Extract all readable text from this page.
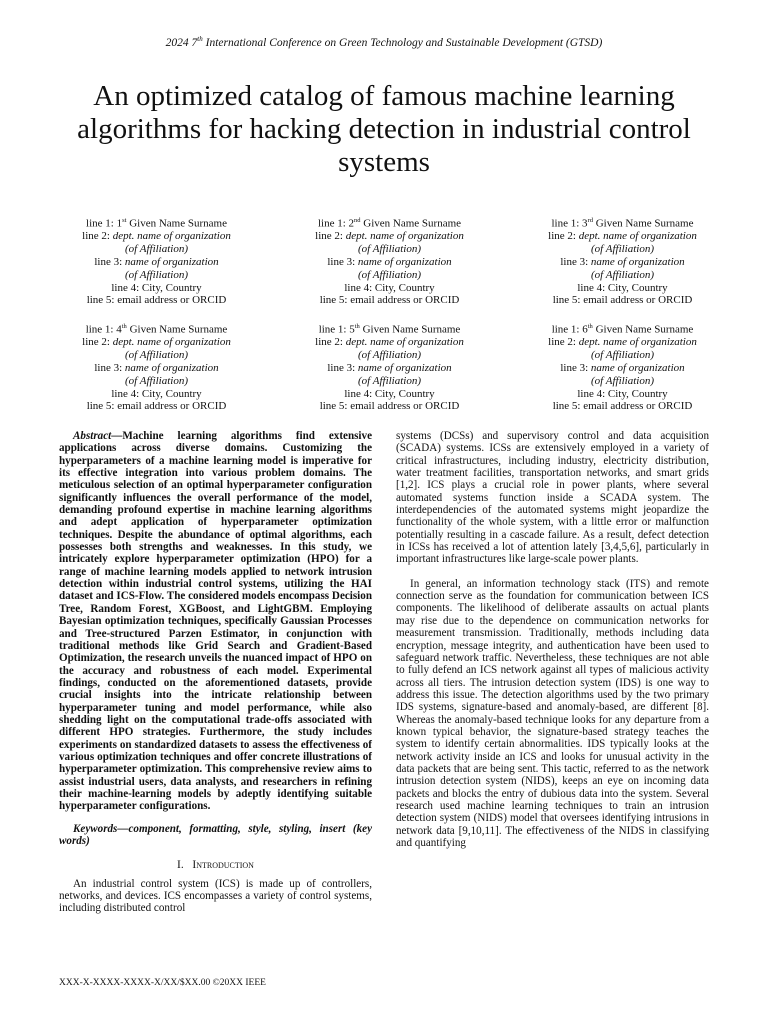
2024 7th International Conference on Green Technology and Sustainable Development (GTSD)
An optimized catalog of famous machine learning algorithms for hacking detection in industrial control systems
line 1: 1st Given Name Surname
line 2: dept. name of organization
(of Affiliation)
line 3: name of organization
(of Affiliation)
line 4: City, Country
line 5: email address or ORCID
line 1: 2nd Given Name Surname
line 2: dept. name of organization
(of Affiliation)
line 3: name of organization
(of Affiliation)
line 4: City, Country
line 5: email address or ORCID
line 1: 3rd Given Name Surname
line 2: dept. name of organization
(of Affiliation)
line 3: name of organization
(of Affiliation)
line 4: City, Country
line 5: email address or ORCID
line 1: 4th Given Name Surname
line 2: dept. name of organization
(of Affiliation)
line 3: name of organization
(of Affiliation)
line 4: City, Country
line 5: email address or ORCID
line 1: 5th Given Name Surname
line 2: dept. name of organization
(of Affiliation)
line 3: name of organization
(of Affiliation)
line 4: City, Country
line 5: email address or ORCID
line 1: 6th Given Name Surname
line 2: dept. name of organization
(of Affiliation)
line 3: name of organization
(of Affiliation)
line 4: City, Country
line 5: email address or ORCID

Abstract—Machine learning algorithms find extensive applications across diverse domains. Customizing the hyperparameters of a machine learning model is imperative for its effective integration into various problem domains. The meticulous selection of an optimal hyperparameter configuration significantly influences the overall performance of the model, demanding profound expertise in machine learning algorithms and adept application of hyperparameter optimization techniques. Despite the abundance of optimal algorithms, each possesses both strengths and weaknesses. In this study, we intricately explore hyperparameter optimization (HPO) for a range of machine learning models applied to network intrusion detection within industrial control systems, utilizing the HAI dataset and ICS-Flow. The considered models encompass Decision Tree, Random Forest, XGBoost, and LightGBM. Employing Bayesian optimization techniques, specifically Gaussian Processes and Tree-structured Parzen Estimator, in conjunction with traditional methods like Grid Search and Gradient-Based Optimization, the research unveils the nuanced impact of HPO on the accuracy and robustness of each model. Experimental findings, conducted on the aforementioned datasets, provide crucial insights into the intricate relationship between hyperparameter tuning and model performance, while also shedding light on the computational trade-offs associated with different HPO strategies. Furthermore, the study includes experiments on standardized datasets to assess the effectiveness of various optimization techniques and offer concrete illustrations of hyperparameter optimization. This comprehensive review aims to assist industrial users, data analysts, and researchers in refining their machine-learning models by adeptly identifying suitable hyperparameter configurations.

Keywords—component, formatting, style, styling, insert (key words)

I. Introduction

An industrial control system (ICS) is made up of controllers, networks, and devices. ICS encompasses a variety of control systems, including distributed control

systems (DCSs) and supervisory control and data acquisition (SCADA) systems. ICSs are extensively employed in a variety of critical infrastructures, including industry, electricity distribution, water treatment facilities, transportation networks, and smart grids [1,2]. ICS plays a crucial role in power plants, where several automated systems function inside a SCADA system. The interdependencies of the automated systems might jeopardize the functionality of the whole system, with a little error or malfunction potentially resulting in a cascade failure. As a result, defect detection in ICSs has received a lot of attention lately [3,4,5,6], particularly in important infrastructures like large-scale power plants.

In general, an information technology stack (ITS) and remote connection serve as the foundation for communication between ICS components. The likelihood of deliberate assaults on actual plants may rise due to the dependence on communication networks for measurement transmission. Traditionally, methods including data encryption, message integrity, and authentication have been used to safeguard network traffic. Nevertheless, these techniques are not able to fully defend an ICS network against all types of malicious activity across all tiers. The intrusion detection system (IDS) is one way to address this issue. The detection algorithms used by the two primary IDS systems, signature-based and anomaly-based, are different [8]. Whereas the anomaly-based technique looks for any departure from a known typical behavior, the signature-based strategy teaches the system to identify certain abnormalities. IDS typically looks at the network activity inside an ICS and looks for unusual activity in the data packets that are being sent. This tactic, referred to as the network intrusion detection system (NIDS), keeps an eye on incoming data packets and blocks the entry of dubious data into the system. Several research used machine learning techniques to train an intrusion detection system (NIDS) model that oversees identifying intrusions in network data [9,10,11]. The effectiveness of the NIDS in classifying and quantifying

XXX-X-XXXX-XXXX-X/XX/$XX.00 ©20XX IEEE
